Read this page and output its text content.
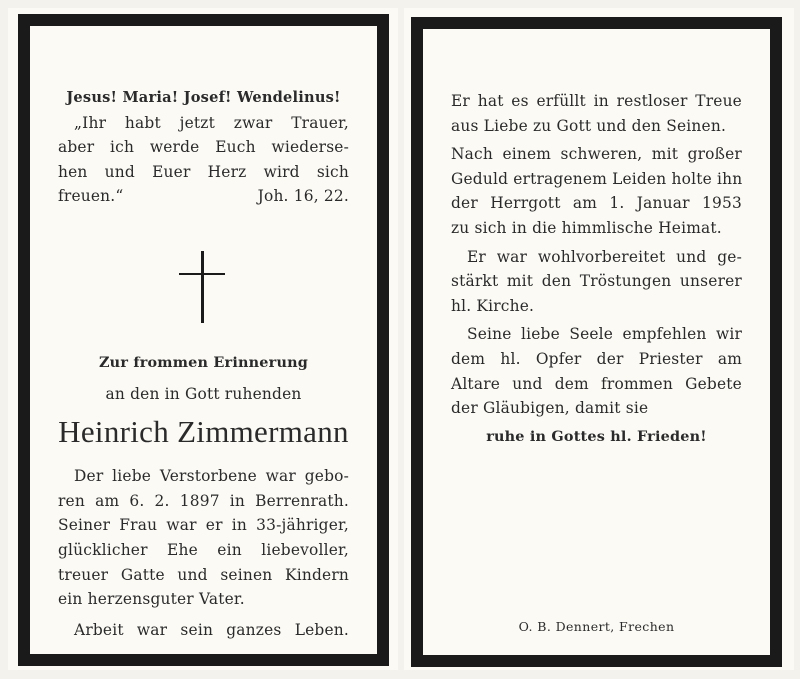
Jesus! Maria! Josef! Wendelinus!
„Ihr habt jetzt zwar Trauer,
aber ich werde Euch wiederse-
hen und Euer Herz wird sich
freuen.“	Joh. 16, 22.
Zur frommen Erinnerung
an den in Gott ruhenden
Heinrich Zimmermann
Der liebe Verstorbene war gebo-
ren am 6. 2. 1897 in Berrenrath.
Seiner Frau war er in 33-jähriger,
glücklicher Ehe ein liebevoller,
treuer Gatte und seinen Kindern
ein herzensguter Vater.
Arbeit war sein ganzes Leben.
Er hat es erfüllt in restloser Treue
aus Liebe zu Gott und den Seinen.
Nach einem schweren, mit großer
Geduld ertragenem Leiden holte ihn
der Herrgott am 1. Januar 1953
zu sich in die himmlische Heimat.
Er war wohlvorbereitet und ge-
stärkt mit den Tröstungen unserer
hl. Kirche.
Seine liebe Seele empfehlen wir
dem hl. Opfer der Priester am
Altare und dem frommen Gebete
der Gläubigen, damit sie
ruhe in Gottes hl. Frieden!
O. B. Dennert, Frechen
